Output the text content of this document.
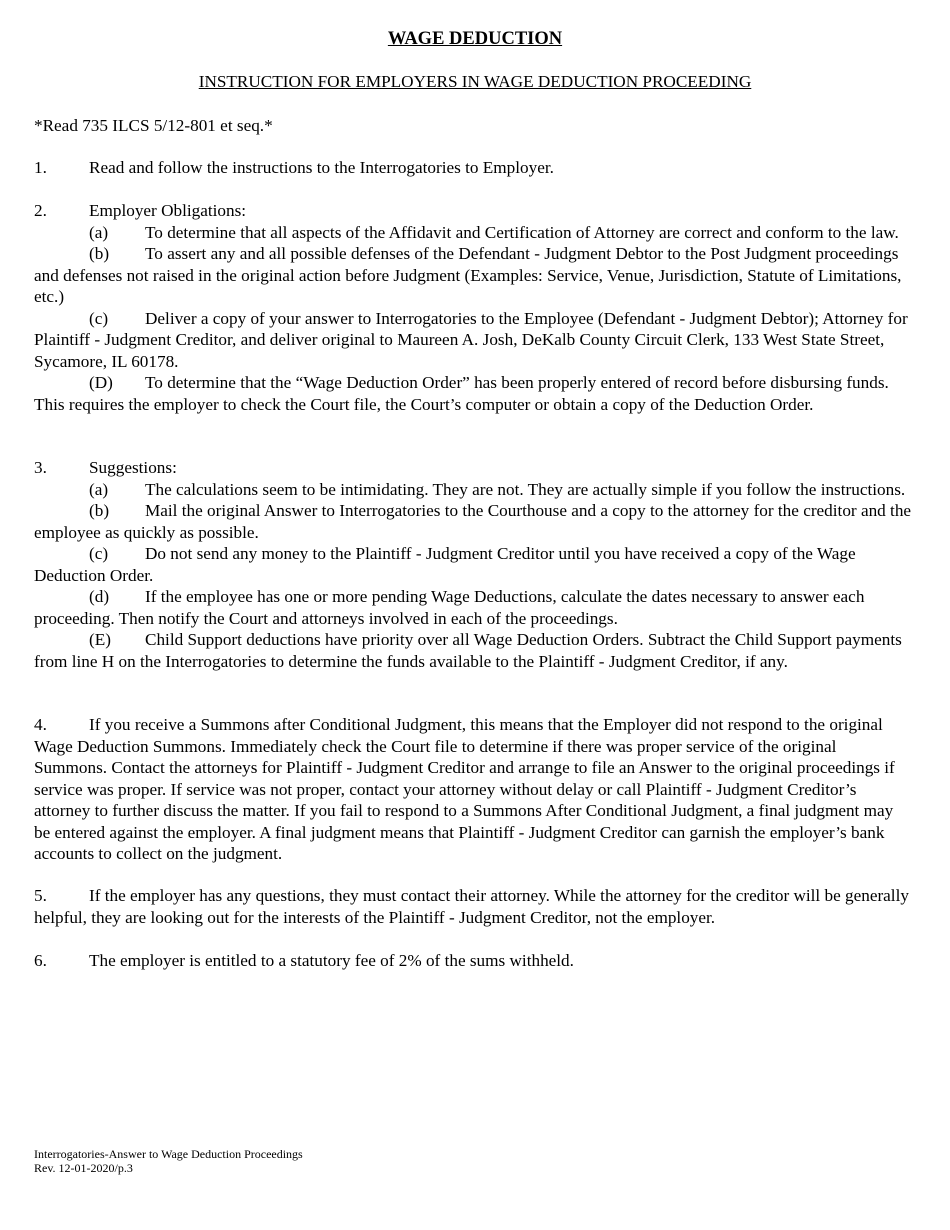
WAGE DEDUCTION
INSTRUCTION FOR EMPLOYERS IN WAGE DEDUCTION PROCEEDING
*Read 735 ILCS 5/12-801 et seq.*
1. Read and follow the instructions to the Interrogatories to Employer.
2. Employer Obligations:
(a) To determine that all aspects of the Affidavit and Certification of Attorney are correct and conform to the law.
(b) To assert any and all possible defenses of the Defendant - Judgment Debtor to the Post Judgment proceedings and defenses not raised in the original action before Judgment (Examples: Service, Venue, Jurisdiction, Statute of Limitations, etc.)
(c) Deliver a copy of your answer to Interrogatories to the Employee (Defendant - Judgment Debtor); Attorney for Plaintiff - Judgment Creditor, and deliver original to Maureen A. Josh, DeKalb County Circuit Clerk, 133 West State Street, Sycamore, IL 60178.
(D) To determine that the “Wage Deduction Order” has been properly entered of record before disbursing funds. This requires the employer to check the Court file, the Court’s computer or obtain a copy of the Deduction Order.
3. Suggestions:
(a) The calculations seem to be intimidating. They are not. They are actually simple if you follow the instructions.
(b) Mail the original Answer to Interrogatories to the Courthouse and a copy to the attorney for the creditor and the employee as quickly as possible.
(c) Do not send any money to the Plaintiff - Judgment Creditor until you have received a copy of the Wage Deduction Order.
(d) If the employee has one or more pending Wage Deductions, calculate the dates necessary to answer each proceeding. Then notify the Court and attorneys involved in each of the proceedings.
(E) Child Support deductions have priority over all Wage Deduction Orders. Subtract the Child Support payments from line H on the Interrogatories to determine the funds available to the Plaintiff - Judgment Creditor, if any.
4. If you receive a Summons after Conditional Judgment, this means that the Employer did not respond to the original Wage Deduction Summons. Immediately check the Court file to determine if there was proper service of the original Summons. Contact the attorneys for Plaintiff - Judgment Creditor and arrange to file an Answer to the original proceedings if service was proper. If service was not proper, contact your attorney without delay or call Plaintiff - Judgment Creditor’s attorney to further discuss the matter. If you fail to respond to a Summons After Conditional Judgment, a final judgment may be entered against the employer. A final judgment means that Plaintiff - Judgment Creditor can garnish the employer’s bank accounts to collect on the judgment.
5. If the employer has any questions, they must contact their attorney. While the attorney for the creditor will be generally helpful, they are looking out for the interests of the Plaintiff - Judgment Creditor, not the employer.
6. The employer is entitled to a statutory fee of 2% of the sums withheld.
Interrogatories-Answer to Wage Deduction Proceedings
Rev. 12-01-2020/p.3
